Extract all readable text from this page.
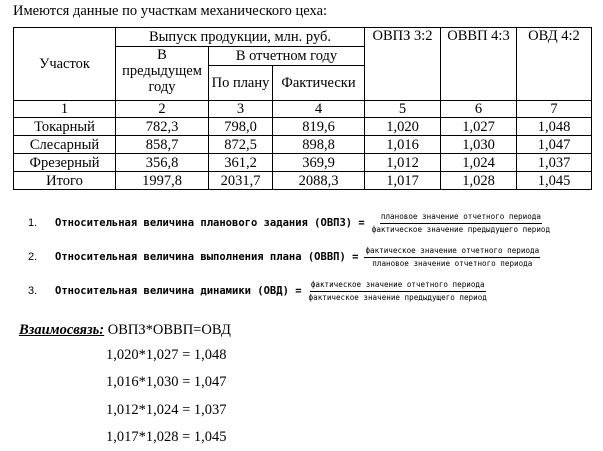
Имеются данные по участкам механического цеха:
Участок	Выпуск продукции, млн. руб.			ОВПЗ 3:2	ОВВП 4:3	ОВД 4:2
	В предыдущем году	В отчетном году				
		По плану	Фактически			
1	2	3	4	5	6	7
Токарный	782,3	798,0	819,6	1,020	1,027	1,048
Слесарный	858,7	872,5	898,8	1,016	1,030	1,047
Фрезерный	356,8	361,2	369,9	1,012	1,024	1,037
Итого	1997,8	2031,7	2088,3	1,017	1,028	1,045
1.	Относительная величина планового задания (ОВПЗ) = $\frac{\text{плановое значение отчетного периода}}{\text{фактическое значение предыдущего период}}$
2.	Относительная величина выполнения плана (ОВВП) = $\frac{\text{фактическое значение отчетного периода}}{\text{плановое значение отчетного периода}}$
3.	Относительная величина динамики $(ОВД) = \frac{\text{фактическое значение отчетного периода}}{\text{фактическое значение предыдущего период}}$
Взаимосвязь: ОВПЗ*ОВВП=ОВД
1,020*1,027 = 1,048
1,016*1,030 = 1,047
1,012*1,024 = 1,037
1,017*1,028 = 1,045
